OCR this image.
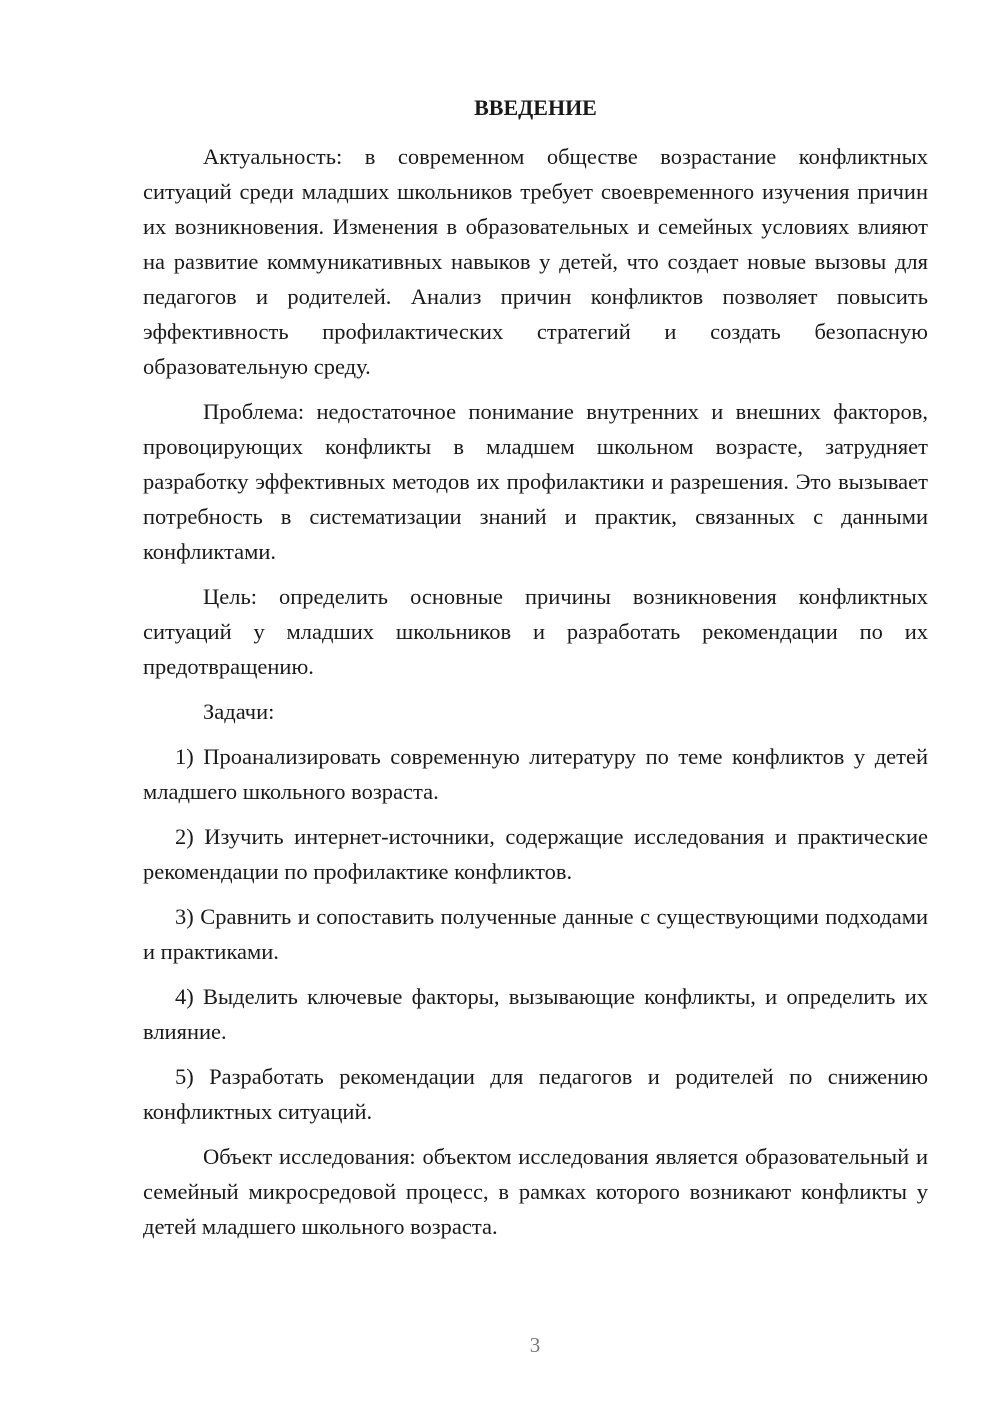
ВВЕДЕНИЕ

Актуальность: в современном обществе возрастание конфликтных ситуаций среди младших школьников требует своевременного изучения причин их возникновения. Изменения в образовательных и семейных условиях влияют на развитие коммуникативных навыков у детей, что создает новые вызовы для педагогов и родителей. Анализ причин конфликтов позволяет повысить эффективность профилактических стратегий и создать безопасную образовательную среду.

Проблема: недостаточное понимание внутренних и внешних факторов, провоцирующих конфликты в младшем школьном возрасте, затрудняет разработку эффективных методов их профилактики и разрешения. Это вызывает потребность в систематизации знаний и практик, связанных с данными конфликтами.

Цель: определить основные причины возникновения конфликтных ситуаций у младших школьников и разработать рекомендации по их предотвращению.

Задачи:

1) Проанализировать современную литературу по теме конфликтов у детей младшего школьного возраста.

2) Изучить интернет-источники, содержащие исследования и практические рекомендации по профилактике конфликтов.

3) Сравнить и сопоставить полученные данные с существующими подходами и практиками.

4) Выделить ключевые факторы, вызывающие конфликты, и определить их влияние.

5) Разработать рекомендации для педагогов и родителей по снижению конфликтных ситуаций.

Объект исследования: объектом исследования является образовательный и семейный микросредовой процесс, в рамках которого возникают конфликты у детей младшего школьного возраста.

3
